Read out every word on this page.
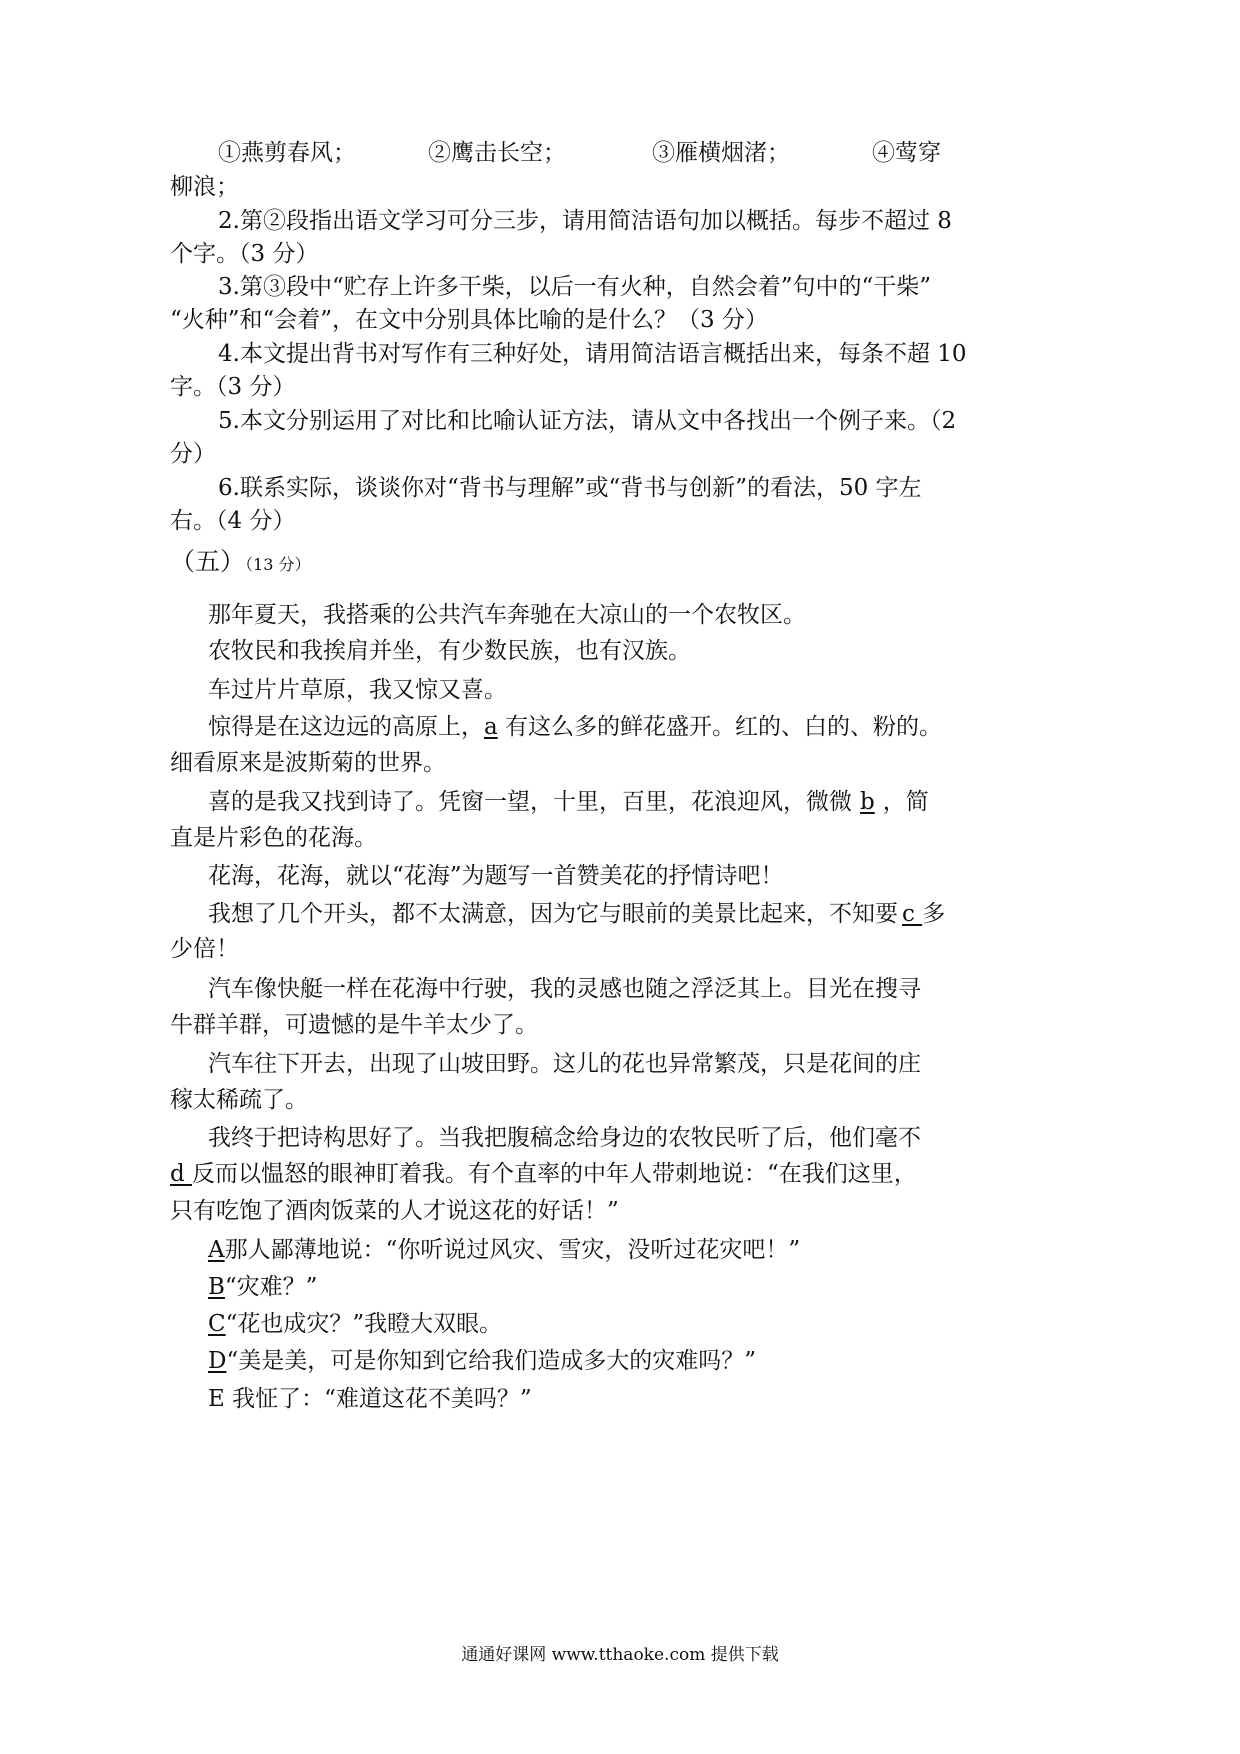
①燕剪春风；	②鹰击长空；	③雁横烟渚；	④莺穿
柳浪；
2.第②段指出语文学习可分三步，请用简洁语句加以概括。每步不超过 8
个字。（3 分）
3.第③段中“贮存上许多干柴，以后一有火种，自然会着”句中的“干柴”
“火种”和“会着”，在文中分别具体比喻的是什么？（3 分）
4.本文提出背书对写作有三种好处，请用简洁语言概括出来，每条不超 10
字。（3 分）
5.本文分别运用了对比和比喻认证方法，请从文中各找出一个例子来。（2
分）
6.联系实际，谈谈你对“背书与理解”或“背书与创新”的看法，50 字左
右。（4 分）
（五）（13 分）
那年夏天，我搭乘的公共汽车奔驰在大凉山的一个农牧区。
农牧民和我挨肩并坐，有少数民族，也有汉族。
车过片片草原，我又惊又喜。
惊得是在这边远的高原上，a 有这么多的鲜花盛开。红的、白的、粉的。
细看原来是波斯菊的世界。
喜的是我又找到诗了。凭窗一望，十里，百里，花浪迎风，微微 b ，简
直是片彩色的花海。
花海，花海，就以“花海”为题写一首赞美花的抒情诗吧！
我想了几个开头，都不太满意，因为它与眼前的美景比起来，不知要 c 多
少倍！
汽车像快艇一样在花海中行驶，我的灵感也随之浮泛其上。目光在搜寻
牛群羊群，可遗憾的是牛羊太少了。
汽车往下开去，出现了山坡田野。这儿的花也异常繁茂，只是花间的庄
稼太稀疏了。
我终于把诗构思好了。当我把腹稿念给身边的农牧民听了后，他们毫不
d 反而以愠怒的眼神盯着我。有个直率的中年人带刺地说：“在我们这里，
只有吃饱了酒肉饭菜的人才说这花的好话！”
A那人鄙薄地说：“你听说过风灾、雪灾，没听过花灾吧！”
B“灾难？”
C“花也成灾？”我瞪大双眼。
D“美是美，可是你知到它给我们造成多大的灾难吗？”
E 我怔了：“难道这花不美吗？”
通通好课网 www.tthaoke.com 提供下载
